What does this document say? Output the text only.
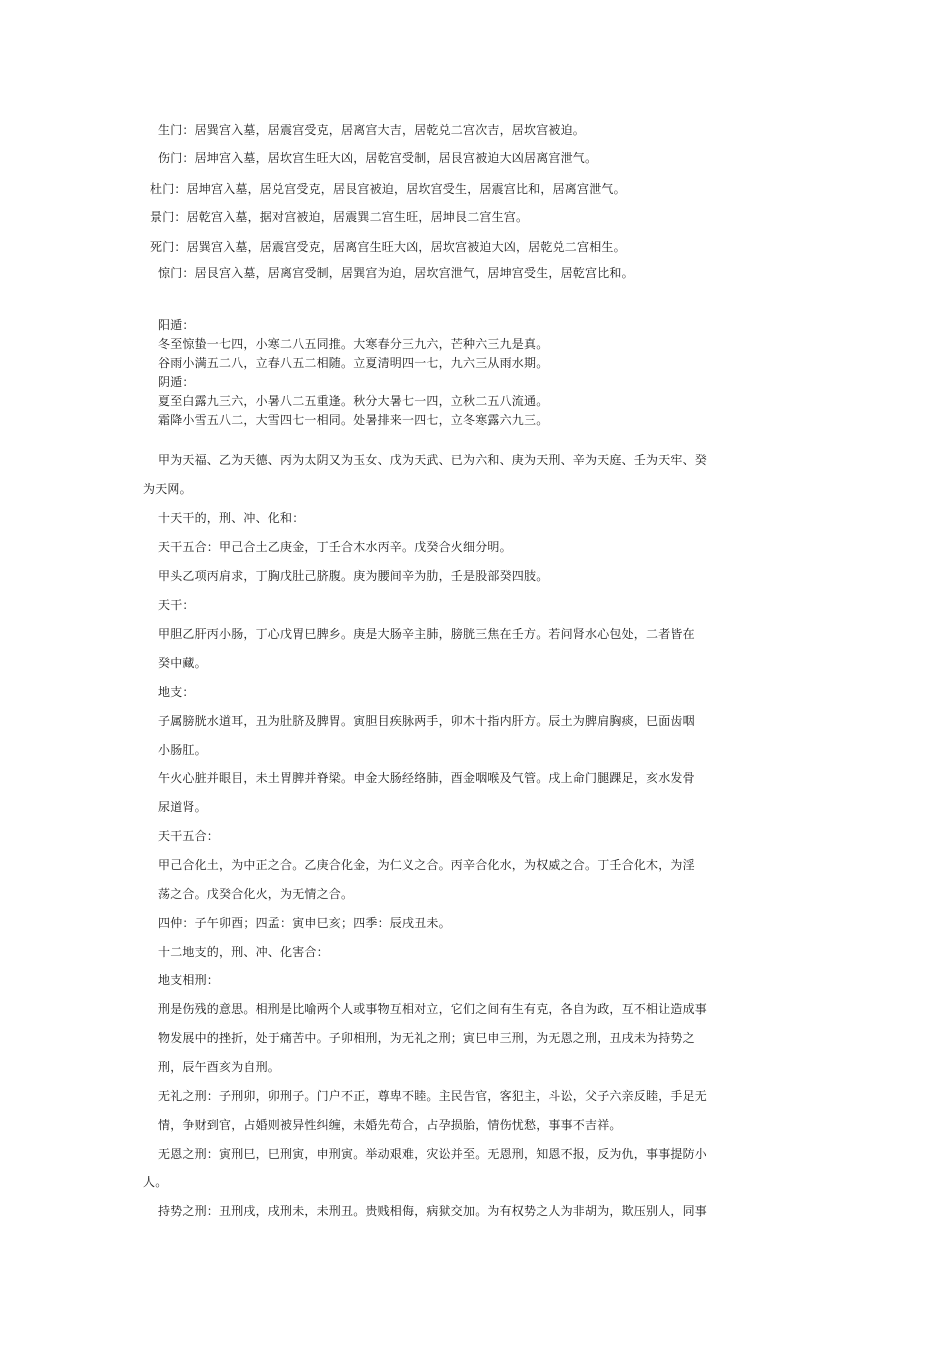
生门：居巽宫入墓，居震宫受克，居离宫大吉，居乾兑二宫次吉，居坎宫被迫。
伤门：居坤宫入墓，居坎宫生旺大凶，居乾宫受制，居艮宫被迫大凶居离宫泄气。
杜门：居坤宫入墓，居兑宫受克，居艮宫被迫，居坎宫受生，居震宫比和，居离宫泄气。
景门：居乾宫入墓，据对宫被迫，居震巽二宫生旺，居坤艮二宫生宫。
死门：居巽宫入墓，居震宫受克，居离宫生旺大凶，居坎宫被迫大凶，居乾兑二宫相生。
惊门：居艮宫入墓，居离宫受制，居巽宫为迫，居坎宫泄气，居坤宫受生，居乾宫比和。
阳遁：
冬至惊蛰一七四，小寒二八五同推。大寒春分三九六，芒种六三九是真。
谷雨小满五二八，立春八五二相随。立夏清明四一七，九六三从雨水期。
阴遁：
夏至白露九三六，小暑八二五重逢。秋分大暑七一四，立秋二五八流通。
霜降小雪五八二，大雪四七一相同。处暑排来一四七，立冬寒露六九三。
甲为天福、乙为天德、丙为太阴又为玉女、戊为天武、已为六和、庚为天刑、辛为天庭、壬为天牢、癸
为天网。
十天干的，刑、冲、化和：
天干五合：甲己合土乙庚金，丁壬合木水丙辛。戊癸合火细分明。
甲头乙项丙肩求，丁胸戊肚己脐腹。庚为腰间辛为肋，壬是股部癸四肢。
天干：
甲胆乙肝丙小肠，丁心戊胃巳脾乡。庚是大肠辛主肺，膀胱三焦在壬方。若问肾水心包处，二者皆在
癸中藏。
地支：
子属膀胱水道耳，丑为肚脐及脾胃。寅胆目疾脉两手，卯木十指内肝方。辰土为脾肩胸痰，巳面齿咽
小肠肛。
午火心脏并眼目，未土胃脾并脊梁。申金大肠经络肺，酉金咽喉及气管。戌上命门腿踝足，亥水发骨
尿道肾。
天干五合：
甲己合化土，为中正之合。乙庚合化金，为仁义之合。丙辛合化水，为权威之合。丁壬合化木，为淫
荡之合。戊癸合化火，为无情之合。
四仲：子午卯酉；四孟：寅申巳亥；四季：辰戌丑未。
十二地支的，刑、冲、化害合：
地支相刑：
刑是伤残的意思。相刑是比喻两个人或事物互相对立，它们之间有生有克，各自为政，互不相让造成事
物发展中的挫折，处于痛苦中。子卯相刑，为无礼之刑；寅巳申三刑，为无恩之刑，丑戌未为持势之
刑，辰午酉亥为自刑。
无礼之刑：子刑卯，卯刑子。门户不正，尊卑不睦。主民告官，客犯主，斗讼，父子六亲反睦，手足无
情，争财到官，占婚则被异性纠缠，未婚先苟合，占孕损胎，情伤忧愁，事事不吉祥。
无恩之刑：寅刑巳，巳刑寅，申刑寅。举动艰难，灾讼并至。无恩刑，知恩不报，反为仇，事事提防小
人。
持势之刑：丑刑戌，戌刑未，未刑丑。贵贱相侮，病狱交加。为有权势之人为非胡为，欺压别人，同事
